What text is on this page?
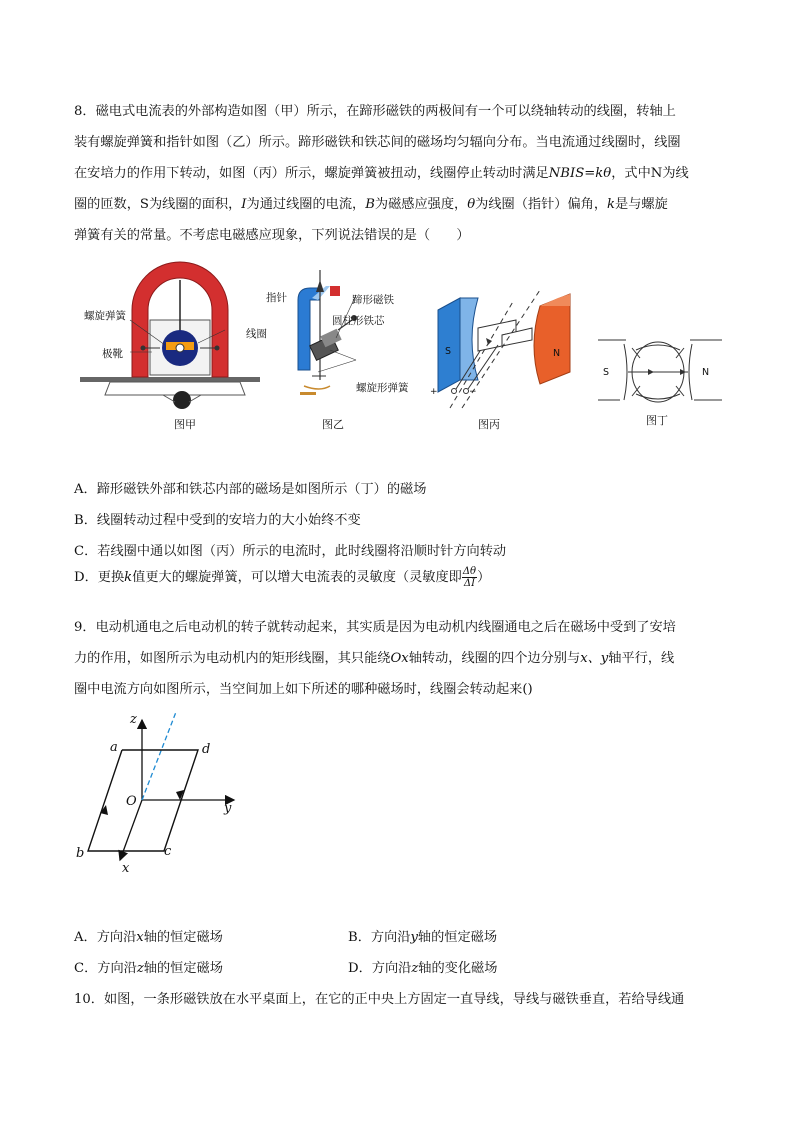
8．磁电式电流表的外部构造如图（甲）所示，在蹄形磁铁的两极间有一个可以绕轴转动的线圈，转轴上
装有螺旋弹簧和指针如图（乙）所示。蹄形磁铁和铁芯间的磁场均匀辐向分布。当电流通过线圈时，线圈
在安培力的作用下转动，如图（丙）所示，螺旋弹簧被扭动，线圈停止转动时满足NBIS=kθ，式中N为线
圈的匝数，S为线圈的面积，I为通过线圈的电流，B为磁感应强度，θ为线圈（指针）偏角，k是与螺旋
弹簧有关的常量。不考虑电磁感应现象，下列说法错误的是（　　）
螺旋弹簧
线圈
极靴
图甲
指针	蹄形磁铁
圆柱形铁芯
螺旋形弹簧
图乙
S	N
+	−
图丙
S	N
图丁
A．蹄形磁铁外部和铁芯内部的磁场是如图所示（丁）的磁场
B．线圈转动过程中受到的安培力的大小始终不变
C．若线圈中通以如图（丙）所示的电流时，此时线圈将沿顺时针方向转动
D．更换k值更大的螺旋弹簧，可以增大电流表的灵敏度（灵敏度即 $\frac{\Delta\theta}{\Delta I}$ ）
9．电动机通电之后电动机的转子就转动起来，其实质是因为电动机内线圈通电之后在磁场中受到了安培
力的作用，如图所示为电动机内的矩形线圈，其只能绕Ox轴转动，线圈的四个边分别与x、y轴平行，线
圈中电流方向如图所示，当空间加上如下所述的哪种磁场时，线圈会转动起来()
z
a	d
O	y
b	c
x
A．方向沿x轴的恒定磁场	B．方向沿y轴的恒定磁场
C．方向沿z轴的恒定磁场	D．方向沿z轴的变化磁场
10．如图，一条形磁铁放在水平桌面上，在它的正中央上方固定一直导线，导线与磁铁垂直，若给导线通
